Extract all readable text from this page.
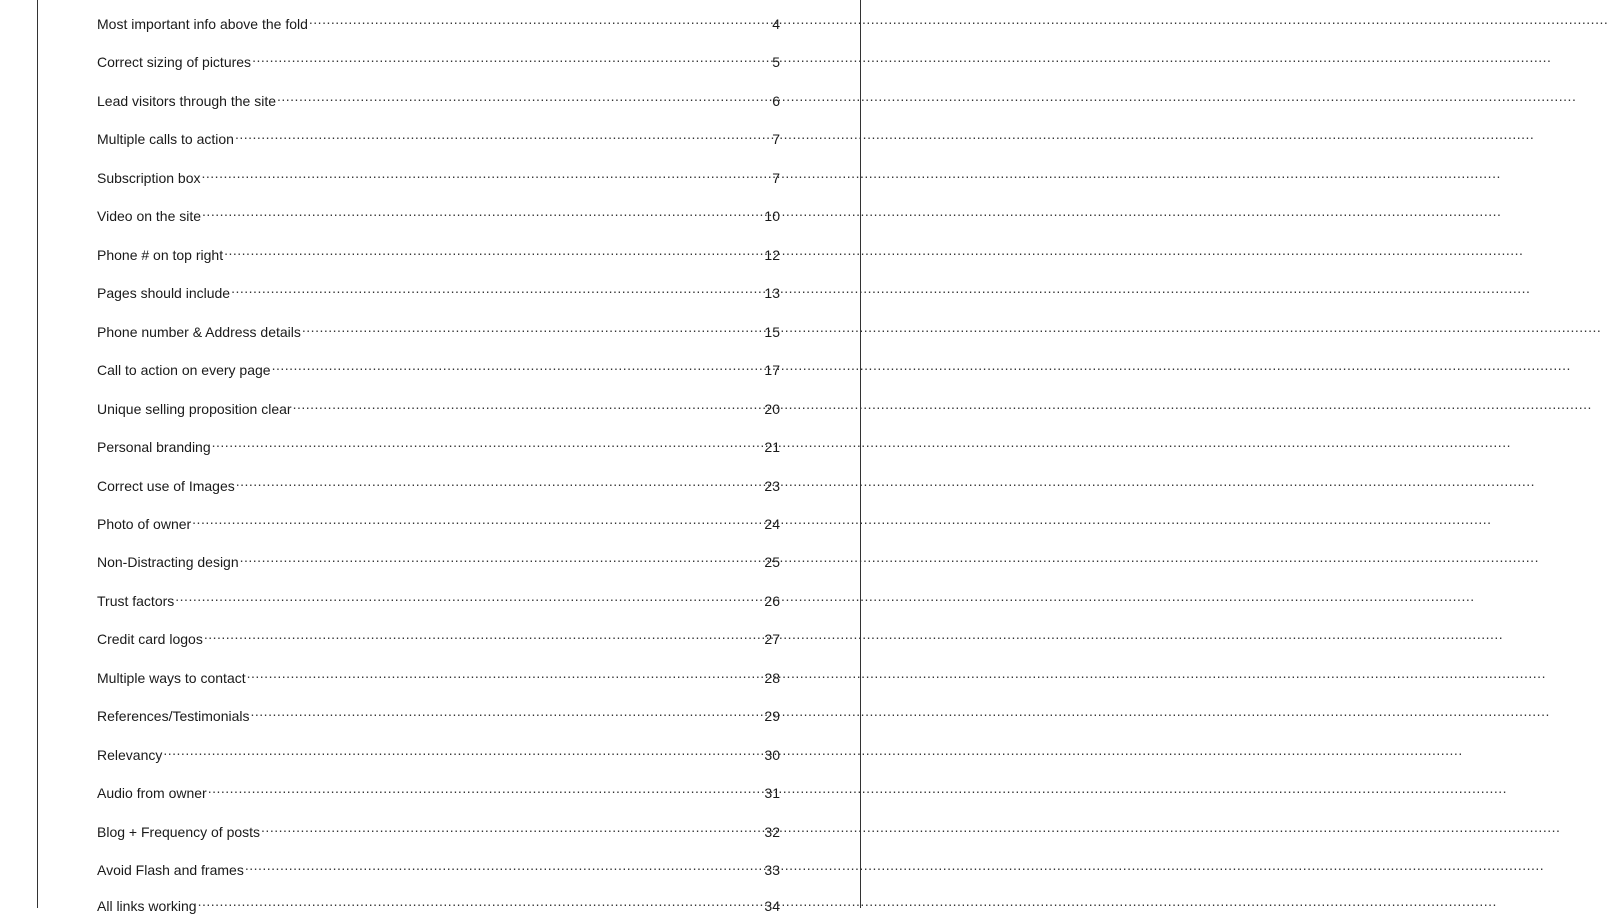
Most important info above the fold .....	4
Correct sizing of pictures .....	5
Lead visitors through the site .....	6
Multiple calls to action .....	7
Subscription box .....	7
Video on the site .....	10
Phone # on top right .....	12
Pages should include .....	13
Phone number & Address details .....	15
Call to action on every page .....	17
Unique selling proposition clear .....	20
Personal branding .....	21
Correct use of Images .....	23
Photo of owner .....	24
Non-Distracting design .....	25
Trust factors .....	26
Credit card logos .....	27
Multiple ways to contact .....	28
References/Testimonials .....	29
Relevancy .....	30
Audio from owner .....	31
Blog + Frequency of posts .....	32
Avoid Flash and frames .....	33
All links working .....	34
